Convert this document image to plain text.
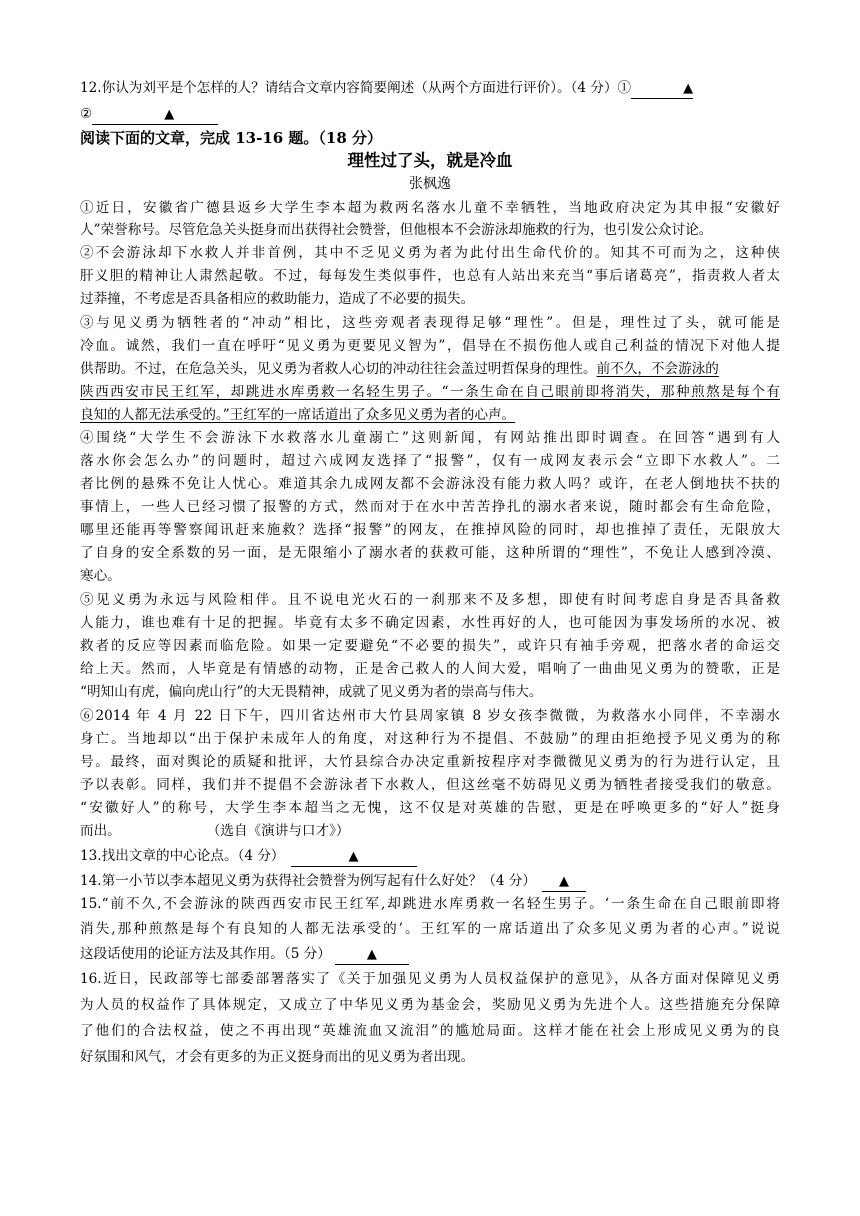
12.你认为刘平是个怎样的人？请结合文章内容简要阐述（从两个方面进行评价）。（4 分）①	▲
②	▲
阅读下面的文章，完成 13-16 题。（18 分）
理性过了头，就是冷血
张枫逸
①近日，安徽省广德县返乡大学生李本超为救两名落水儿童不幸牺牲，当地政府决定为其申报“安徽好
人”荣誉称号。尽管危急关头挺身而出获得社会赞誉，但他根本不会游泳却施救的行为，也引发公众讨论。
②不会游泳却下水救人并非首例，其中不乏见义勇为者为此付出生命代价的。知其不可而为之，这种侠
肝义胆的精神让人肃然起敬。不过，每每发生类似事件，也总有人站出来充当“事后诸葛亮”，指责救人者太
过莽撞，不考虑是否具备相应的救助能力，造成了不必要的损失。
③与见义勇为牺牲者的“冲动”相比，这些旁观者表现得足够“理性”。但是，理性过了头，就可能是
冷血。诚然，我们一直在呼吁“见义勇为更要见义智为”，倡导在不损伤他人或自己利益的情况下对他人提
供帮助。不过，在危急关头，见义勇为者救人心切的冲动往往会盖过明哲保身的理性。前不久，不会游泳的
陕西西安市民王红军，却跳进水库勇救一名轻生男子。“一条生命在自己眼前即将消失，那种煎熬是每个有
良知的人都无法承受的。”王红军的一席话道出了众多见义勇为者的心声。
④围绕“大学生不会游泳下水救落水儿童溺亡”这则新闻，有网站推出即时调查。在回答“遇到有人
落水你会怎么办”的问题时，超过六成网友选择了“报警”，仅有一成网友表示会“立即下水救人”。二
者比例的悬殊不免让人忧心。难道其余九成网友都不会游泳没有能力救人吗？或许，在老人倒地扶不扶的
事情上，一些人已经习惯了报警的方式，然而对于在水中苦苦挣扎的溺水者来说，随时都会有生命危险，
哪里还能再等警察闻讯赶来施救？选择“报警”的网友，在推掉风险的同时，却也推掉了责任，无限放大
了自身的安全系数的另一面，是无限缩小了溺水者的获救可能，这种所谓的“理性”，不免让人感到冷漠、
寒心。
⑤见义勇为永远与风险相伴。且不说电光火石的一刹那来不及多想，即使有时间考虑自身是否具备救
人能力，谁也难有十足的把握。毕竟有太多不确定因素，水性再好的人，也可能因为事发场所的水况、被
救者的反应等因素而临危险。如果一定要避免“不必要的损失”，或许只有袖手旁观，把落水者的命运交
给上天。然而，人毕竟是有情感的动物，正是舍己救人的人间大爱，唱响了一曲曲见义勇为的赞歌，正是
“明知山有虎，偏向虎山行”的大无畏精神，成就了见义勇为者的崇高与伟大。
⑥2014 年 4 月 22 日下午，四川省达州市大竹县周家镇 8 岁女孩李微微，为救落水小同伴，不幸溺水
身亡。当地却以“出于保护未成年人的角度，对这种行为不提倡、不鼓励”的理由拒绝授予见义勇为的称
号。最终，面对舆论的质疑和批评，大竹县综合办决定重新按程序对李微微见义勇为的行为进行认定，且
予以表彰。同样，我们并不提倡不会游泳者下水救人，但这丝毫不妨碍见义勇为牺牲者接受我们的敬意。
“安徽好人”的称号，大学生李本超当之无愧，这不仅是对英雄的告慰，更是在呼唤更多的“好人”挺身
而出。	（选自《演讲与口才》）
13.找出文章的中心论点。（4 分）	▲
14.第一小节以李本超见义勇为获得社会赞誉为例写起有什么好处？（4 分） ▲
15.“前不久,不会游泳的陕西西安市民王红军,却跳进水库勇救一名轻生男子。‘一条生命在自己眼前即将
消失,那种煎熬是每个有良知的人都无法承受的’。王红军的一席话道出了众多见义勇为者的心声。”说说
这段话使用的论证方法及其作用。（5 分）	▲
16.近日，民政部等七部委部署落实了《关于加强见义勇为人员权益保护的意见》，从各方面对保障见义勇
为人员的权益作了具体规定，又成立了中华见义勇为基金会，奖励见义勇为先进个人。这些措施充分保障
了他们的合法权益，使之不再出现“英雄流血又流泪”的尴尬局面。这样才能在社会上形成见义勇为的良
好氛围和风气，才会有更多的为正义挺身而出的见义勇为者出现。
